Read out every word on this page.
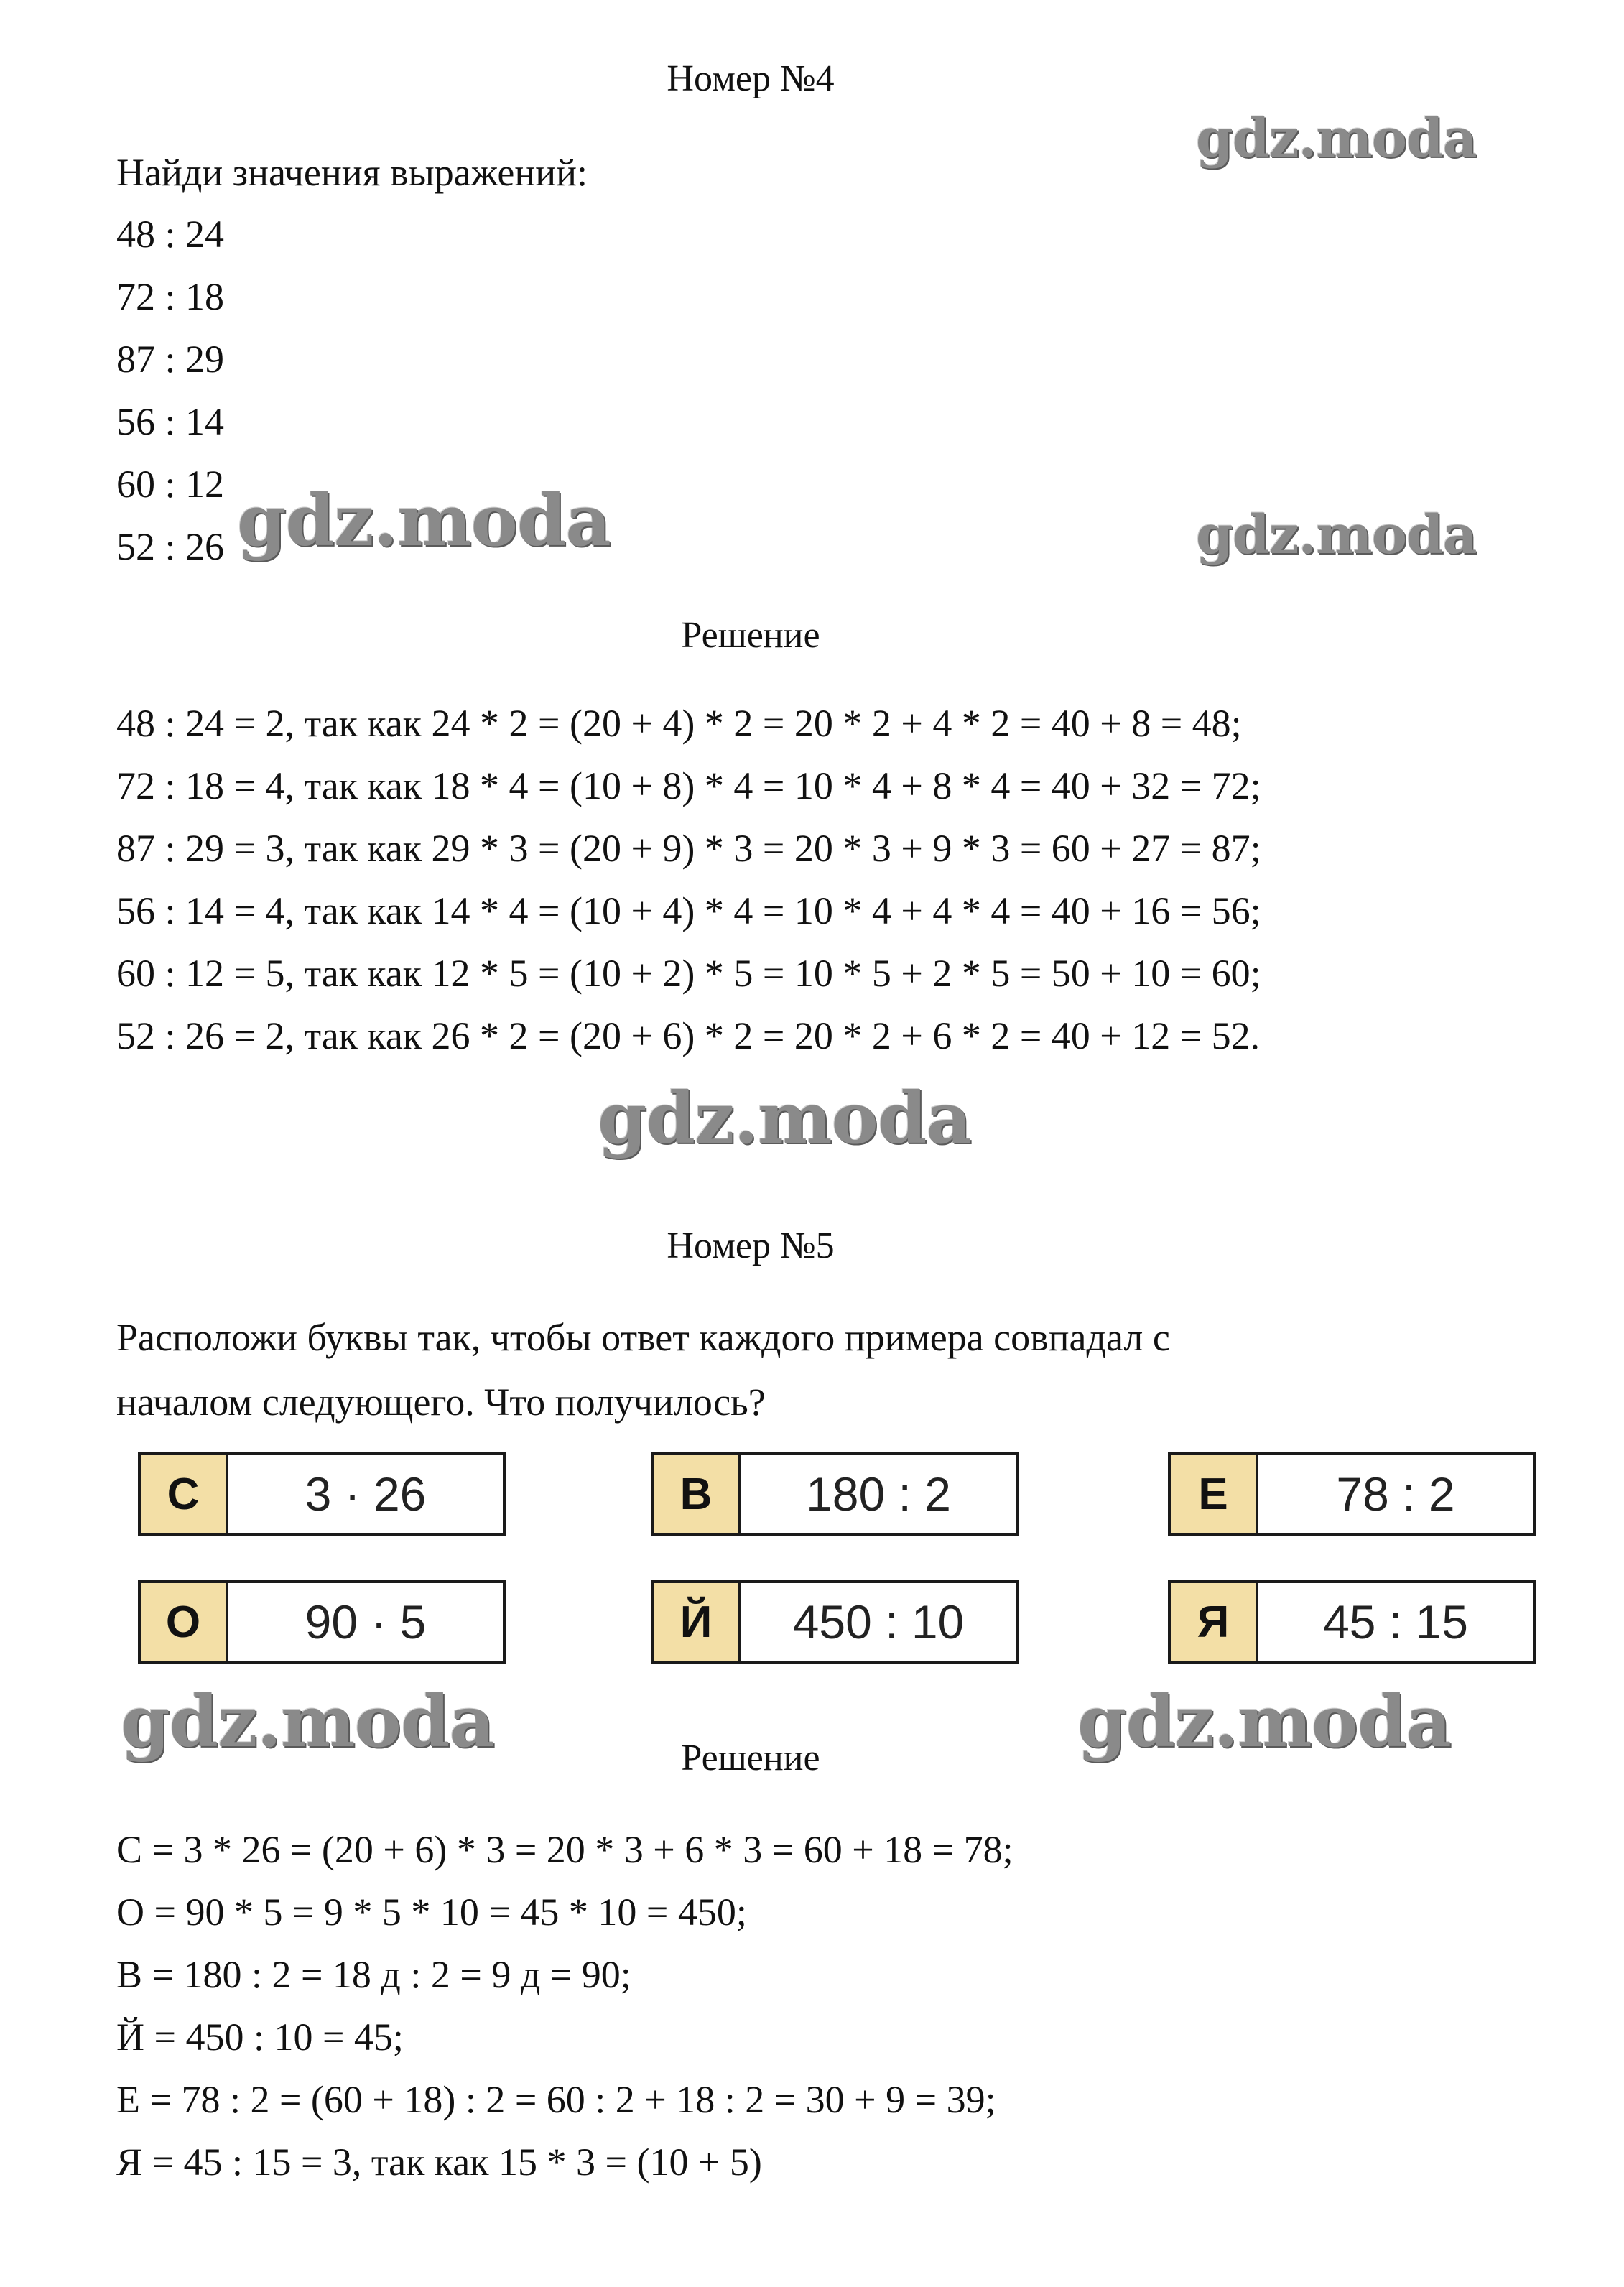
Номер №4
Найди значения выражений:
48 : 24
72 : 18
87 : 29
56 : 14
60 : 12
52 : 26
Решение
48 : 24 = 2, так как 24 * 2 = (20 + 4) * 2 = 20 * 2 + 4 * 2 = 40 + 8 = 48;
72 : 18 = 4, так как 18 * 4 = (10 + 8) * 4 = 10 * 4 + 8 * 4 = 40 + 32 = 72;
87 : 29 = 3, так как 29 * 3 = (20 + 9) * 3 = 20 * 3 + 9 * 3 = 60 + 27 = 87;
56 : 14 = 4, так как 14 * 4 = (10 + 4) * 4 = 10 * 4 + 4 * 4 = 40 + 16 = 56;
60 : 12 = 5, так как 12 * 5 = (10 + 2) * 5 = 10 * 5 + 2 * 5 = 50 + 10 = 60;
52 : 26 = 2, так как 26 * 2 = (20 + 6) * 2 = 20 * 2 + 6 * 2 = 40 + 12 = 52.
Номер №5
Расположи буквы так, чтобы ответ каждого примера совпадал с
началом следующего. Что получилось?
С	3 · 26	В	180 : 2	Е	78 : 2
О	90 · 5	Й	450 : 10	Я	45 : 15
Решение
С = 3 * 26 = (20 + 6) * 3 = 20 * 3 + 6 * 3 = 60 + 18 = 78;
О = 90 * 5 = 9 * 5 * 10 = 45 * 10 = 450;
В = 180 : 2 = 18 д : 2 = 9 д = 90;
Й = 450 : 10 = 45;
Е = 78 : 2 = (60 + 18) : 2 = 60 : 2 + 18 : 2 = 30 + 9 = 39;
Я = 45 : 15 = 3, так как 15 * 3 = (10 + 5)
gdz.moda
gdz.moda
gdz.moda
gdz.moda
gdz.moda	gdz.moda
